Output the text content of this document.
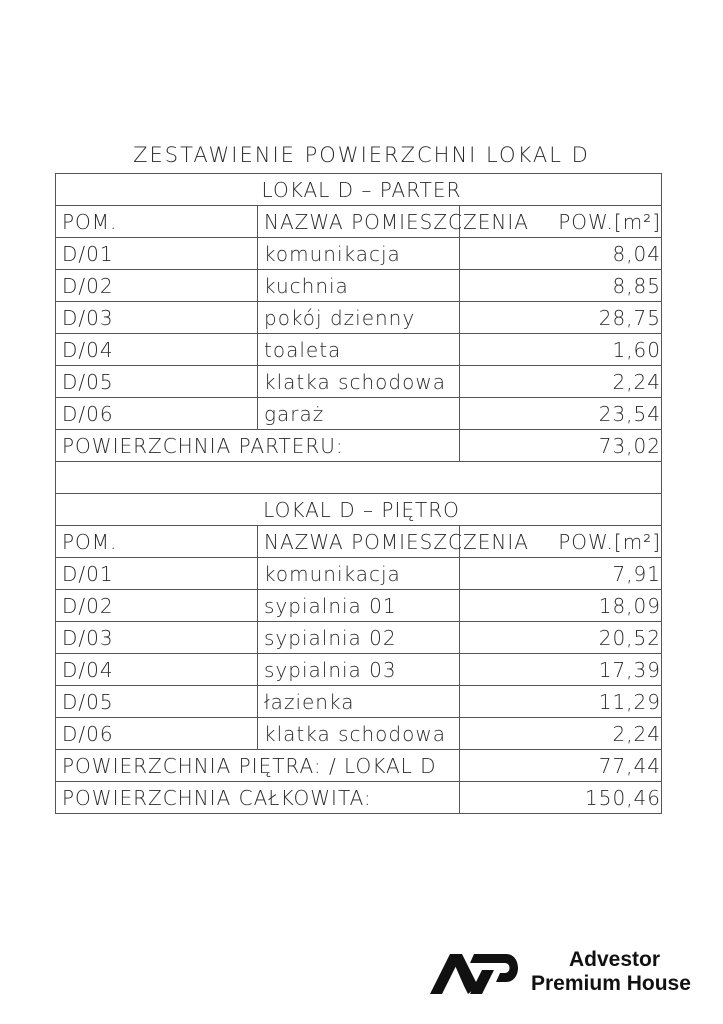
ZESTAWIENIE POWIERZCHNI LOKAL D
LOKAL D – PARTER		
POM.	NAZWA POMIESZCZENIA	POW.[m²]
D/01	komunikacja	8,04
D/02	kuchnia	8,85
D/03	pokój dzienny	28,75
D/04	toaleta	1,60
D/05	klatka schodowa	2,24
D/06	garaż	23,54
POWIERZCHNIA PARTERU:		73,02

LOKAL D – PIĘTRO		
POM.	NAZWA POMIESZCZENIA	POW.[m²]
D/01	komunikacja	7,91
D/02	sypialnia 01	18,09
D/03	sypialnia 02	20,52
D/04	sypialnia 03	17,39
D/05	łazienka	11,29
D/06	klatka schodowa	2,24
POWIERZCHNIA PIĘTRA: / LOKAL D		77,44
POWIERZCHNIA CAŁKOWITA:		150,46
Advestor
Premium House
